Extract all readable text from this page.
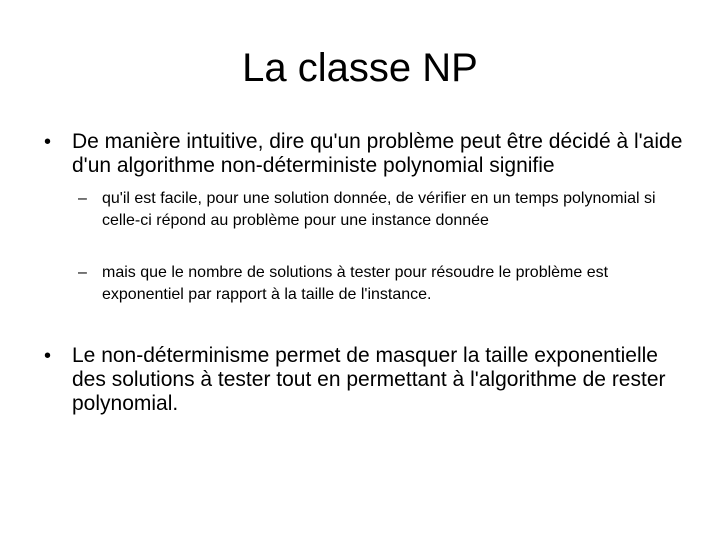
La classe NP
• De manière intuitive, dire qu'un problème peut être décidé à l'aide d'un algorithme non-déterministe polynomial signifie
– qu'il est facile, pour une solution donnée, de vérifier en un temps polynomial si celle-ci répond au problème pour une instance donnée
– mais que le nombre de solutions à tester pour résoudre le problème est exponentiel par rapport à la taille de l'instance.
• Le non-déterminisme permet de masquer la taille exponentielle des solutions à tester tout en permettant à l'algorithme de rester polynomial.
